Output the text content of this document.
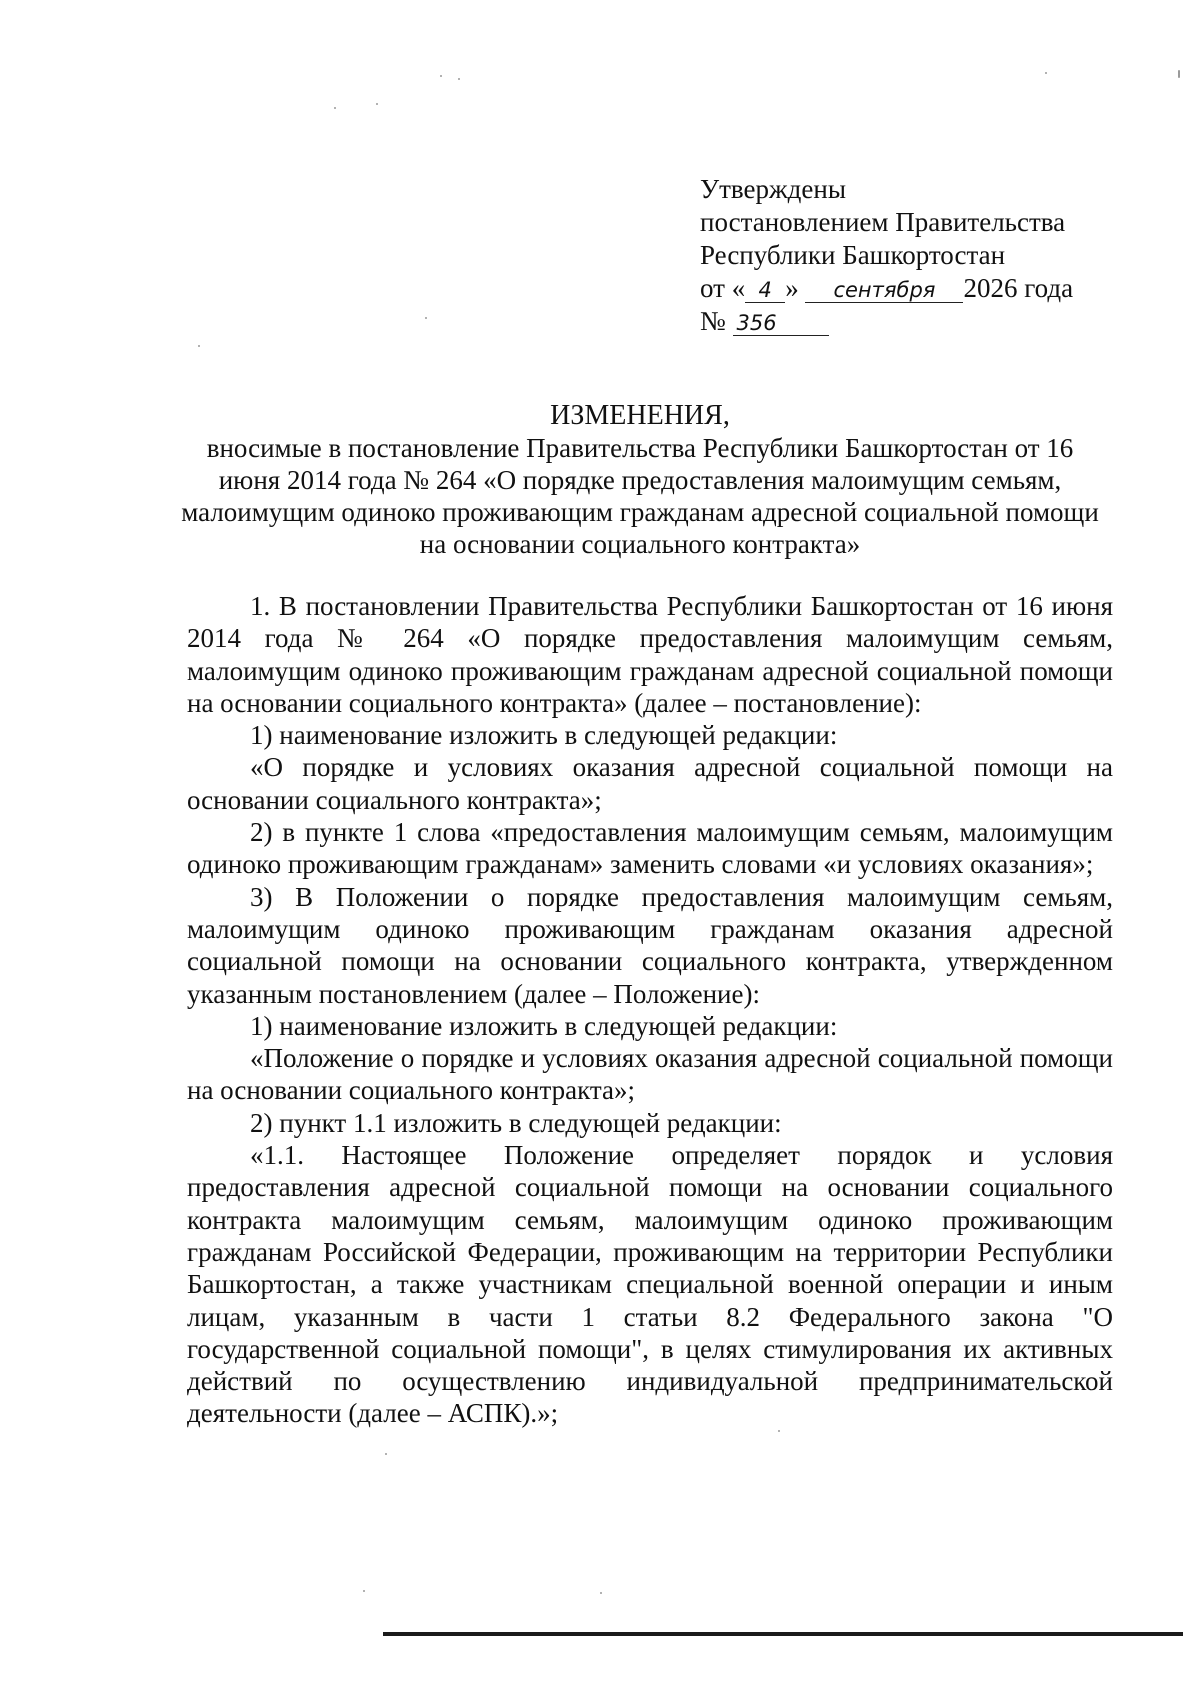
Утверждены
постановлением Правительства
Республики Башкортостан
от « 4 » сентября 2026 года
№ 356
ИЗМЕНЕНИЯ,
вносимые в постановление Правительства Республики Башкортостан от 16 июня 2014 года № 264 «О порядке предоставления малоимущим семьям, малоимущим одиноко проживающим гражданам адресной социальной помощи на основании социального контракта»

1. В постановлении Правительства Республики Башкортостан от 16 июня 2014 года № 264 «О порядке предоставления малоимущим семьям, малоимущим одиноко проживающим гражданам адресной социальной помощи на основании социального контракта» (далее – постановление):

1) наименование изложить в следующей редакции:

«О порядке и условиях оказания адресной социальной помощи на основании социального контракта»;

2) в пункте 1 слова «предоставления малоимущим семьям, малоимущим одиноко проживающим гражданам» заменить словами «и условиях оказания»;

3) В Положении о порядке предоставления малоимущим семьям, малоимущим одиноко проживающим гражданам оказания адресной социальной помощи на основании социального контракта, утвержденном указанным постановлением (далее – Положение):

1) наименование изложить в следующей редакции:

«Положение о порядке и условиях оказания адресной социальной помощи на основании социального контракта»;

2) пункт 1.1 изложить в следующей редакции:

«1.1. Настоящее Положение определяет порядок и условия предоставления адресной социальной помощи на основании социального контракта малоимущим семьям, малоимущим одиноко проживающим гражданам Российской Федерации, проживающим на территории Республики Башкортостан, а также участникам специальной военной операции и иным лицам, указанным в части 1 статьи 8.2 Федерального закона "О государственной социальной помощи", в целях стимулирования их активных действий по осуществлению индивидуальной предпринимательской деятельности (далее – АСПК).»;
